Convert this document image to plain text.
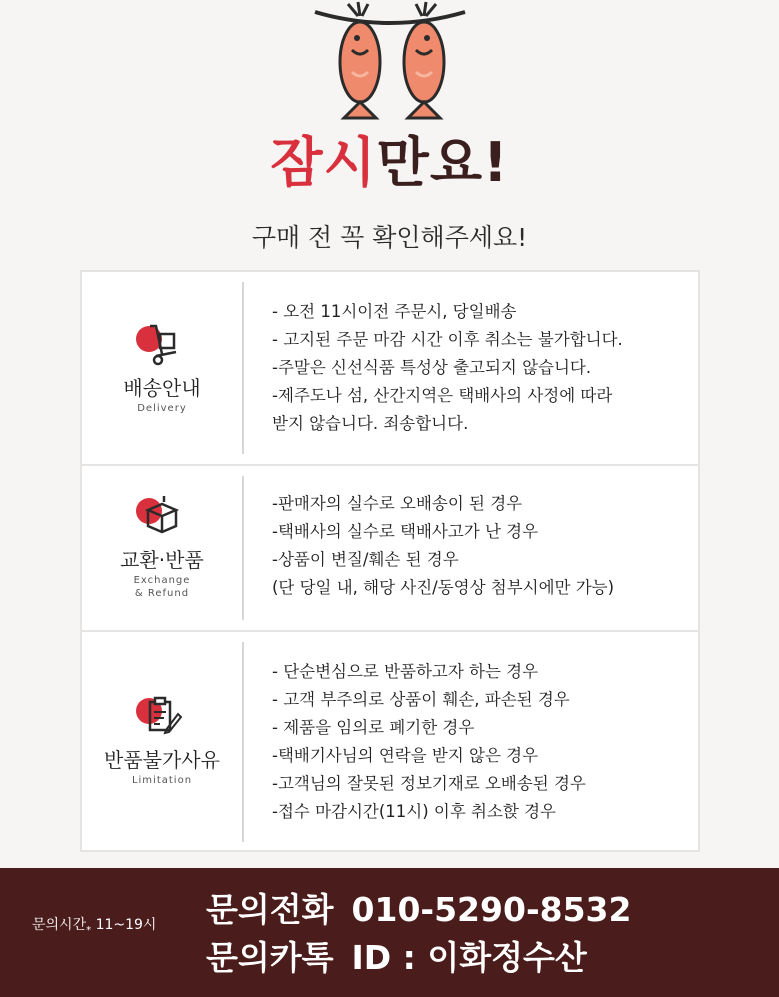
잠시만요!
구매 전 꼭 확인해주세요!
배송안내
Delivery
- 오전 11시이전 주문시, 당일배송
- 고지된 주문 마감 시간 이후 취소는 불가합니다.
-주말은 신선식품 특성상 출고되지 않습니다.
-제주도나 섬, 산간지역은 택배사의 사정에 따라
받지 않습니다. 죄송합니다.
교환·반품
Exchange
& Refund
-판매자의 실수로 오배송이 된 경우
-택배사의 실수로 택배사고가 난 경우
-상품이 변질/훼손 된 경우
(단 당일 내, 해당 사진/동영상 첨부시에만 가능)
반품불가사유
Limitation
- 단순변심으로 반품하고자 하는 경우
- 고객 부주의로 상품이 훼손, 파손된 경우
- 제품을 임의로 폐기한 경우
-택배기사님의 연락을 받지 않은 경우
-고객님의 잘못된 정보기재로 오배송된 경우
-접수 마감시간(11시) 이후 취소핝 경우
문의시간$_*$ 11~19시 문의전화 010-5290-8532
문의카톡 ID : 이화정수산
